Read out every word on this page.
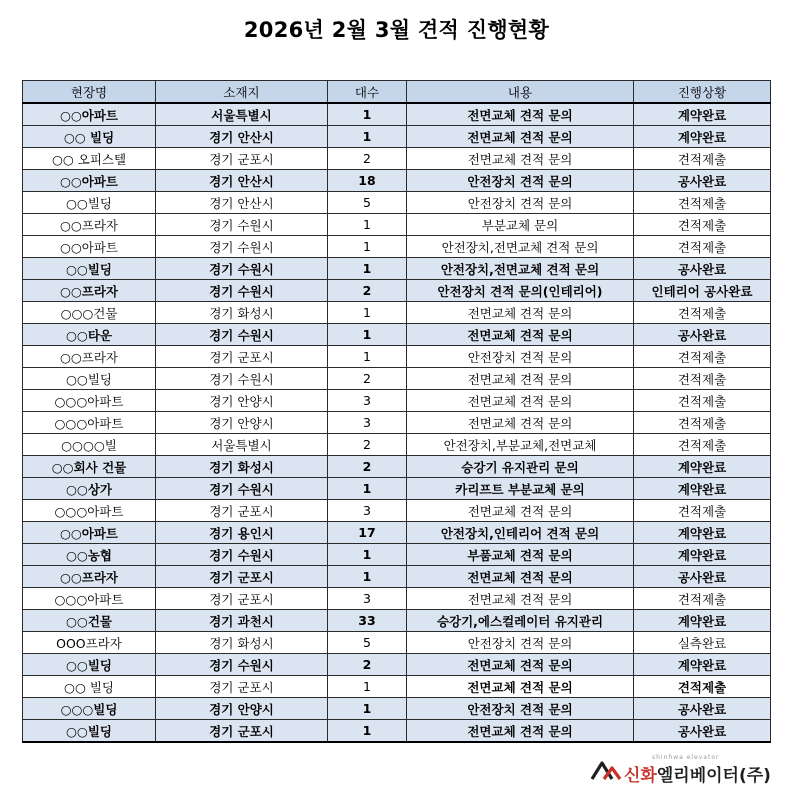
2026년 2월 3월 견적 진행현황
현장명	소재지	대수	내용	진행상황
○○아파트	서울특별시	1	전면교체 견적 문의	계약완료
○○ 빌딩	경기 안산시	1	전면교체 견적 문의	계약완료
○○ 오피스텔	경기 군포시	2	전면교체 견적 문의	견적제출
○○아파트	경기 안산시	18	안전장치 견적 문의	공사완료
○○빌딩	경기 안산시	5	안전장치 견적 문의	견적제출
○○프라자	경기 수원시	1	부분교체 문의	견적제출
○○아파트	경기 수원시	1	안전장치,전면교체 견적 문의	견적제출
○○빌딩	경기 수원시	1	안전장치,전면교체 견적 문의	공사완료
○○프라자	경기 수원시	2	안전장치 견적 문의(인테리어)	인테리어 공사완료
○○○건물	경기 화성시	1	전면교체 견적 문의	견적제출
○○타운	경기 수원시	1	전면교체 견적 문의	공사완료
○○프라자	경기 군포시	1	안전장치 견적 문의	견적제출
○○빌딩	경기 수원시	2	전면교체 견적 문의	견적제출
○○○아파트	경기 안양시	3	전면교체 견적 문의	견적제출
○○○아파트	경기 안양시	3	전면교체 견적 문의	견적제출
○○○○빌	서울특별시	2	안전장치,부분교체,전면교체	견적제출
○○회사 건물	경기 화성시	2	승강기 유지관리 문의	계약완료
○○상가	경기 수원시	1	카리프트 부분교체 문의	계약완료
○○○아파트	경기 군포시	3	전면교체 견적 문의	견적제출
○○아파트	경기 용인시	17	안전장치,인테리어 견적 문의	계약완료
○○농협	경기 수원시	1	부품교체 견적 문의	계약완료
○○프라자	경기 군포시	1	전면교체 견적 문의	공사완료
○○○아파트	경기 군포시	3	전면교체 견적 문의	견적제출
○○건물	경기 과천시	33	승강기,에스컬레이터 유지관리	계약완료
OOO프라자	경기 화성시	5	안전장치 견적 문의	실측완료
○○빌딩	경기 수원시	2	전면교체 견적 문의	계약완료
○○ 빌딩	경기 군포시	1	전면교체 견적 문의	견적제출
○○○빌딩	경기 안양시	1	안전장치 견적 문의	공사완료
○○빌딩	경기 군포시	1	전면교체 견적 문의	공사완료
shinhwa elevator
신화엘리베이터(주)
